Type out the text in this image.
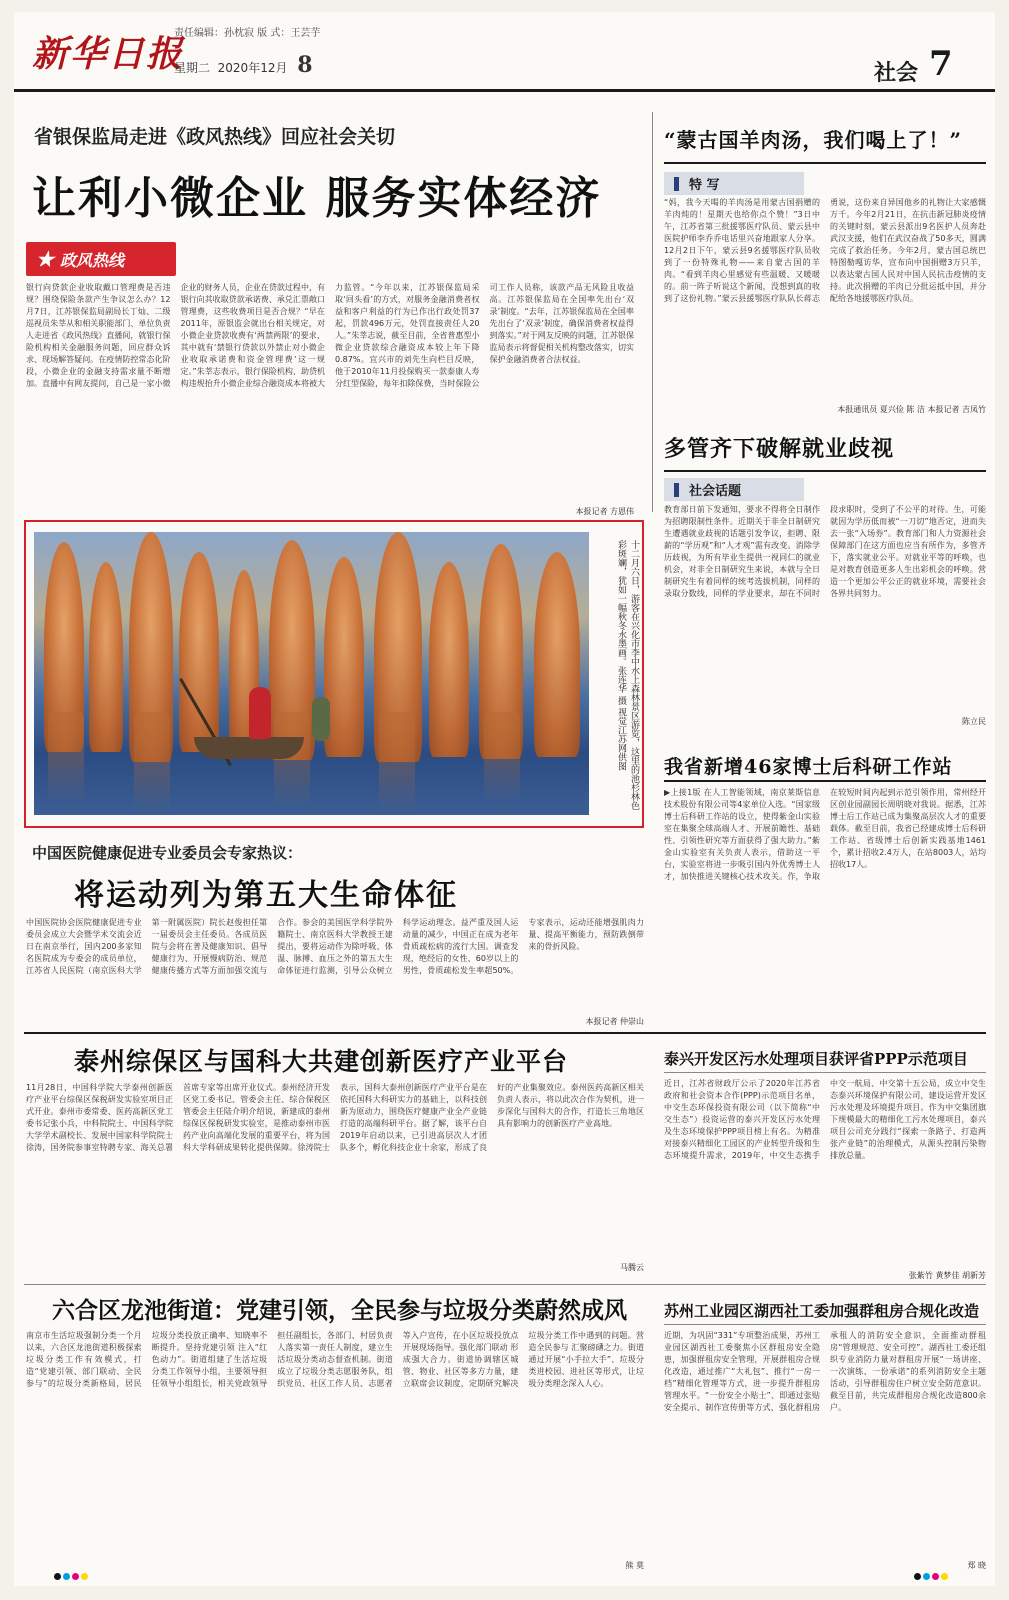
新华日报
责任编辑：孙枕寂 版 式：王芸芋
星期二 2020年12月 8	社会 7
省银保监局走进《政风热线》回应社会关切
让利小微企业 服务实体经济
★ 政风热线
银行向贷款企业收取戴口管理费是否违规？围绕保险条款产生争议怎么办？12月7日，江苏银保监局副局长丁灿、二级巡视员朱莘从和相关职能部门、单位负责人走进省《政风热线》直播间，就银行保险机构相关金融服务问题，回应群众诉求、现场解答疑问。在疫情防控常态化阶段，小微企业的金融支持需求量不断增加。直播中有网友提问，自己是一家小微企业的财务人员，企业在贷款过程中，有银行向其收取贷款承诺费、承兑汇票敞口管理费，这些收费项目是否合规？“早在2011年，原银监会就出台相关规定，对小微企业贷款收费有‘两禁两限’的要求，其中就有‘禁银行贷款以外禁止对小微企业收取承诺费和资金管理费’这一规定。”朱莘志表示，银行保险机构、助贷机构违规抬升小微企业综合融资成本将被大力监管。“今年以来，江苏银保监局采取‘回头看’的方式，对服务金融消费者权益和客户利益的行为已作出行政处罚37起，罚款496万元，处罚直接责任人20人。”朱莘志说，截至目前，全省普惠型小微企业贷款综合融资成本较上年下降0.87%。宜兴市的刘先生向栏目反映，他于2010年11月投保购买一款泰康人寿分红型保险，每年扣除保费，当时保险公司工作人员称，该款产品无风险且收益高。江苏银保监局在全国率先出台‘双录’制度。“去年，江苏银保监局在全国率先出台了‘双录’制度，确保消费者权益得到落实。”对于网友反映的问题，江苏银保监局表示将督促相关机构整改落实，切实保护金融消费者合法权益。
本报记者 方恩伟
“蒙古国羊肉汤，我们喝上了！”
特 写
“妈，我今天喝的羊肉汤是用蒙古国捐赠的羊肉炖的！星期天也给你点个赞！”3日中午，江苏省第三批援鄂医疗队员、蒙云县中医院护师李乔乔电话里兴奋地跟家人分享。12月2日下午，蒙云县9名援鄂医疗队员收到了一份特殊礼物——来自蒙古国的羊肉。“看到羊肉心里感觉有些温暖、又暖暖的。前一阵子听说这个新闻，没想到真的收到了这份礼物。”蒙云县援鄂医疗队队长蒋志勇说，这份来自异国他乡的礼物让大家感慨万千。今年2月21日，在抗击新冠肺炎疫情的关键时刻，蒙云县派出9名医护人员奔赴武汉支援，他们在武汉奋战了50多天，圆满完成了救治任务。今年2月，蒙古国总统巴特图勒嘎访华，宣布向中国捐赠3万只羊，以表达蒙古国人民对中国人民抗击疫情的支持。此次捐赠的羊肉已分批运抵中国，并分配给各地援鄂医疗队员。
本报通讯员 夏兴俭 陈 洁 本报记者 吉凤竹
多管齐下破解就业歧视
社会话题
教育部日前下发通知，要求不得将全日制作为招聘限制性条件。近期关于非全日制研究生遭遇就业歧视的话题引发争议，拒聘、限薪的“学历观”和“人才观”需有改变。消除学历歧视，为所有毕业生提供一视同仁的就业机会，对非全日制研究生来说，本就与全日制研究生有着同样的统考选拔机制，同样的录取分数线，同样的学业要求，却在不同时段求职时，受到了不公平的对待。生，可能就因为学历低而被“一刀切”地否定，进而失去一张“入场券”。教育部门和人力资源社会保障部门在这方面也应当有所作为，多管齐下，落实就业公平。对就业平等的呼唤，也是对教育创造更多人生出彩机会的呼唤。营造一个更加公平公正的就业环境，需要社会各界共同努力。
陈立民
十二月六日，游客在兴化市李中水上森林景区游览，这里的池杉林色彩斑斓，犹如一幅秋冬水墨画。张连华 摄 视觉江苏网供图
中国医院健康促进专业委员会专家热议：
将运动列为第五大生命体征
中国医院协会医院健康促进专业委员会成立大会暨学术交流会近日在南京举行，国内200多家知名医院成为专委会的成员单位，江苏省人民医院（南京医科大学第一附属医院）院长赵俊担任第一届委员会主任委员。各成员医院与会将在普及健康知识、倡导健康行为、开展慢病防治、规范健康传播方式等方面加强交流与合作。参会的美国医学科学院外籍院士、南京医科大学教授王建提出，要将运动作为除呼吸、体温、脉搏、血压之外的第五大生命体征进行监测，引导公众树立科学运动理念。益严重及国人运动量的减少，中国正在成为老年骨质疏松病的流行大国。调查发现，绝经后的女性、60岁以上的男性，骨质疏松发生率超50%。专家表示，运动还能增强肌肉力量、提高平衡能力，预防跌倒带来的骨折风险。
本报记者 仲崇山
我省新增46家博士后科研工作站
▶上接1版 在人工智能领域，南京莱斯信息技术股份有限公司等4家单位入选。“国家级博士后科研工作站的设立，使得紫金山实验室在集聚全球高端人才、开展前瞻性、基础性、引领性研究等方面获得了强大助力。”紫金山实验室有关负责人表示，借助这一平台，实验室将进一步吸引国内外优秀博士人才，加快推进关键核心技术攻关。作，争取在较短时间内起到示范引领作用，常州经开区创业园副园长周明晓对我说。据悉，江苏博士后工作站已成为集聚高层次人才的重要载体。截至目前，我省已经建成博士后科研工作站、省级博士后创新实践基地1461个，累计招收2.4万人，在站8003人，站均招收17人。
泰州综保区与国科大共建创新医疗产业平台
11月28日，中国科学院大学泰州创新医疗产业平台综保区保税研发实验室项目正式开业。泰州市委常委、医药高新区党工委书记张小兵，中科院院士、中国科学院大学学术副校长、发展中国家科学院院士徐涛，国务院参事室特聘专家、海关总署首席专家等出席开业仪式。泰州经济开发区党工委书记、管委会主任、综合保税区管委会主任陆介明介绍说，新建成的泰州综保区保税研发实验室，是推动泰州市医药产业向高端化发展的重要平台，将为国科大学科研成果转化提供保障。徐涛院士表示，国科大泰州创新医疗产业平台是在依托国科大科研实力的基础上，以科技创新为原动力，围绕医疗健康产业全产业链打造的高端科研平台。据了解，该平台自2019年启动以来，已引进高层次人才团队多个，孵化科技企业十余家，形成了良好的产业集聚效应。泰州医药高新区相关负责人表示，将以此次合作为契机，进一步深化与国科大的合作，打造长三角地区具有影响力的创新医疗产业高地。
马腾云
泰兴开发区污水处理项目获评省PPP示范项目
近日，江苏省财政厅公示了2020年江苏省政府和社会资本合作(PPP)示范项目名单，中交生态环保投资有限公司（以下简称“中交生态”）投资运营的泰兴开发区污水处理及生态环境保护PPP项目榜上有名。为精准对接泰兴精细化工园区的产业转型升级和生态环境提升需求，2019年，中交生态携手中交一航局、中交第十五公局，成立中交生态泰兴环境保护有限公司，建设运营开发区污水处理及环境提升项目。作为中交集团旗下规模最大的精细化工污水处理项目，泰兴项目公司充分践行“探索一条路子、打造两张产业链”的治理模式，从源头控制污染物排放总量。
张紫竹 黄梦佳 胡新芳
六合区龙池街道：党建引领，全民参与垃圾分类蔚然成风
南京市生活垃圾强制分类一个月以来，六合区龙池街道积极探索垃圾分类工作有效模式，打造“党建引领、部门联动、全民参与”的垃圾分类新格局，居民垃圾分类投放正确率、知晓率不断提升。坚持党建引领 注入“红色动力”。街道组建了生活垃圾分类工作领导小组，主要领导担任领导小组组长，相关党政领导担任副组长，各部门、村居负责人落实第一责任人制度，建立生活垃圾分类动态督查机制。街道成立了垃圾分类志愿服务队，组织党员、社区工作人员、志愿者等入户宣传，在小区垃圾投放点开展现场指导。强化部门联动 形成强大合力。街道协调辖区城管、物业、社区等多方力量，建立联席会议制度，定期研究解决垃圾分类工作中遇到的问题。营造全民参与 汇聚磅礴之力。街道通过开展“小手拉大手”、垃圾分类进校园、进社区等形式，让垃圾分类理念深入人心。
熊 莫
苏州工业园区湖西社工委加强群租房合规化改造
近期，为巩固“331”专项整治成果，苏州工业园区湖西社工委聚焦小区群租房安全隐患，加强群租房安全管理，开展群租房合规化改造，通过推广“大礼包”、推行“一房一档”精细化管理等方式，进一步提升群租房管理水平。“一份安全小贴士”、即通过张贴安全提示、制作宣传册等方式，强化群租房承租人的消防安全意识，全面推动群租房“管理规范、安全可控”。湖西社工委还组织专业消防力量对群租房开展“一场讲座、一次演练、一份承诺”的系列消防安全主题活动，引导群租房住户树立安全防范意识。截至目前，共完成群租房合规化改造800余户。
郑 晓
